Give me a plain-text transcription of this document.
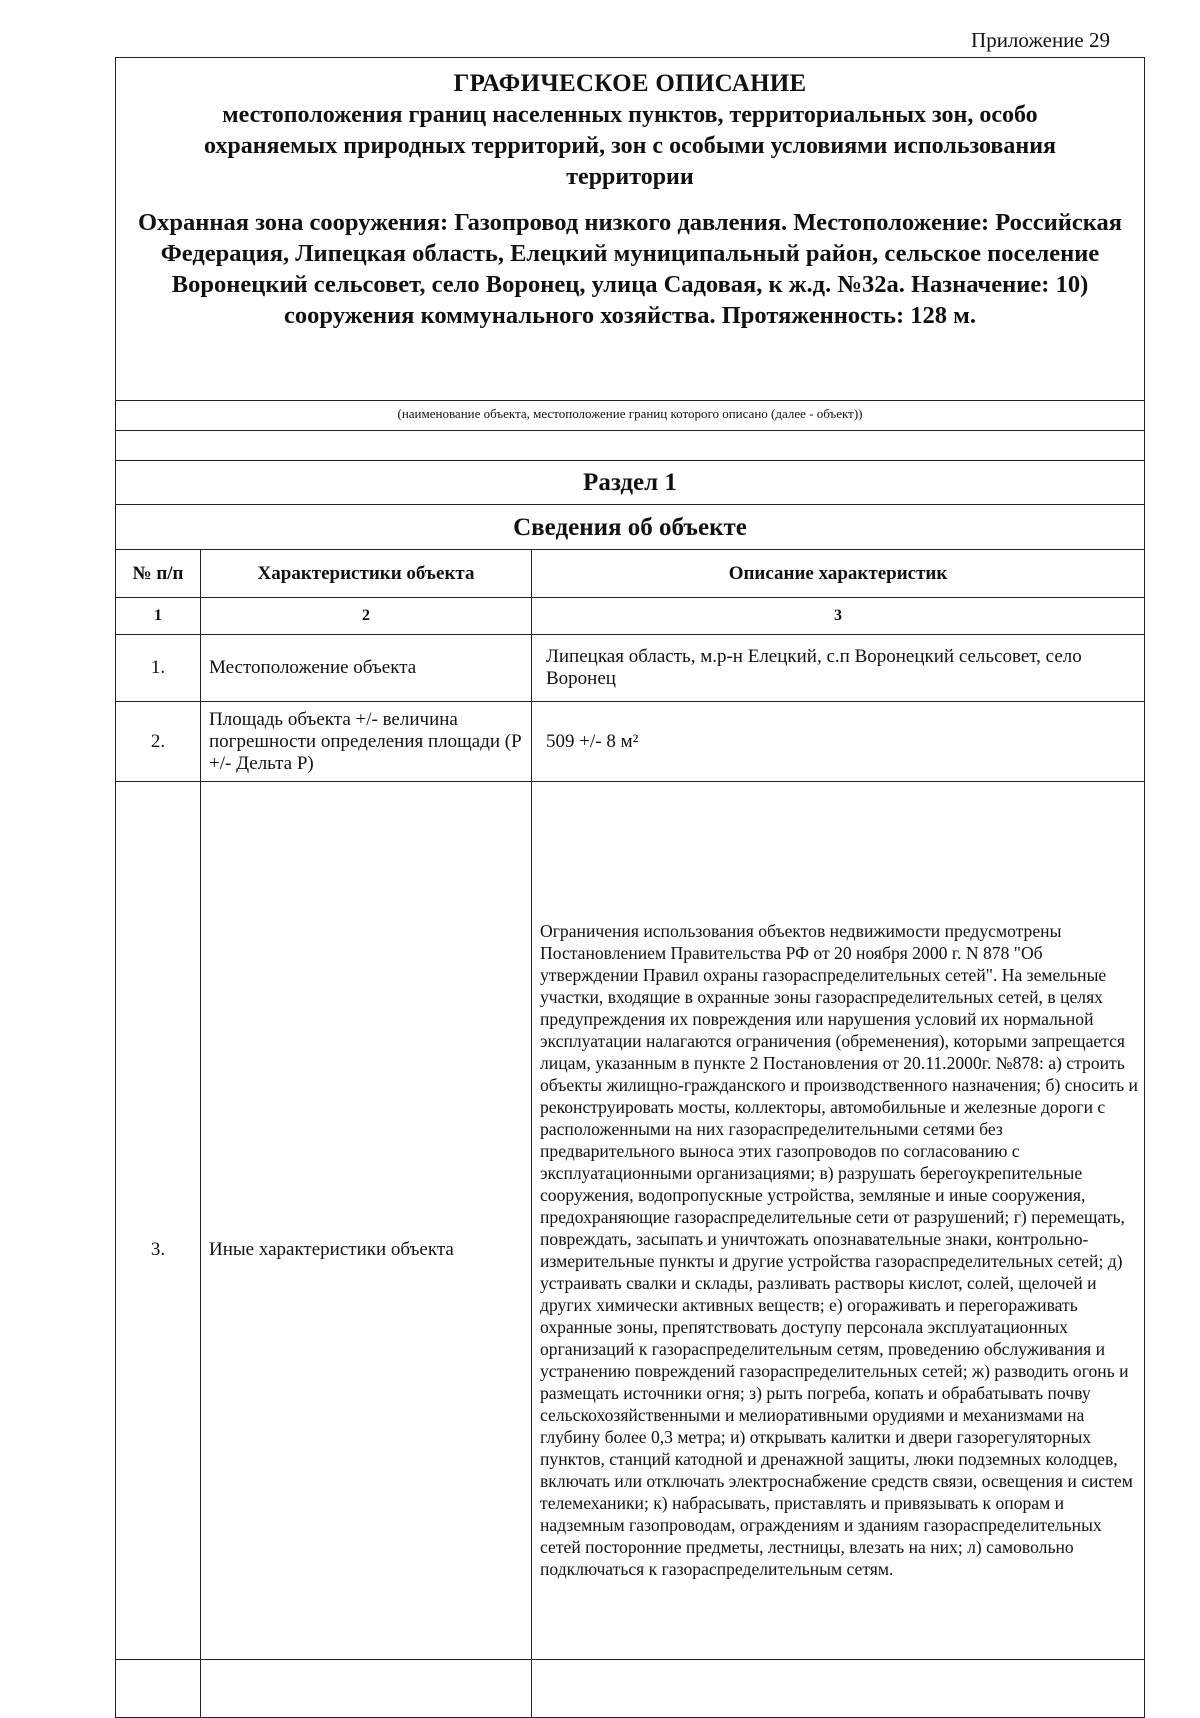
Приложение 29
ГРАФИЧЕСКОЕ ОПИСАНИЕ
местоположения границ населенных пунктов, территориальных зон, особо охраняемых природных территорий, зон с особыми условиями использования территории
Охранная зона сооружения: Газопровод низкого давления. Местоположение: Российская Федерация, Липецкая область, Елецкий муниципальный район, сельское поселение Воронецкий сельсовет, село Воронец, улица Садовая, к ж.д. №32а. Назначение: 10) сооружения коммунального хозяйства. Протяженность: 128 м.
(наименование объекта, местоположение границ которого описано (далее - объект))
Раздел 1
Сведения об объекте
№ п/п	Характеристики объекта	Описание характеристик
1	2	3
1.	Местоположение объекта	Липецкая область, м.р-н Елецкий, с.п Воронецкий сельсовет, село Воронец

2.	Площадь объекта +/- величина погрешности определения площади (Р +/- Дельта Р)	509 +/- 8 м²

3.	Иные характеристики объекта	Ограничения использования объектов недвижимости предусмотрены Постановлением Правительства РФ от 20 ноября 2000 г. N 878 "Об утверждении Правил охраны газораспределительных сетей". На земельные участки, входящие в охранные зоны газораспределительных сетей, в целях предупреждения их повреждения или нарушения условий их нормальной эксплуатации налагаются ограничения (обременения), которыми запрещается лицам, указанным в пункте 2 Постановления от 20.11.2000г. №878: а) строить объекты жилищно-гражданского и производственного назначения; б) сносить и реконструировать мосты, коллекторы, автомобильные и железные дороги с расположенными на них газораспределительными сетями без предварительного выноса этих газопроводов по согласованию с эксплуатационными организациями; в) разрушать берегоукрепительные сооружения, водопропускные устройства, земляные и иные сооружения, предохраняющие газораспределительные сети от разрушений; г) перемещать, повреждать, засыпать и уничтожать опознавательные знаки, контрольно-измерительные пункты и другие устройства газораспределительных сетей; д) устраивать свалки и склады, разливать растворы кислот, солей, щелочей и других химически активных веществ; е) огораживать и перегораживать охранные зоны, препятствовать доступу персонала эксплуатационных организаций к газораспределительным сетям, проведению обслуживания и устранению повреждений газораспределительных сетей; ж) разводить огонь и размещать источники огня; з) рыть погреба, копать и обрабатывать почву сельскохозяйственными и мелиоративными орудиями и механизмами на глубину более 0,3 метра; и) открывать калитки и двери газорегуляторных пунктов, станций катодной и дренажной защиты, люки подземных колодцев, включать или отключать электроснабжение средств связи, освещения и систем телемеханики; к) набрасывать, приставлять и привязывать к опорам и надземным газопроводам, ограждениям и зданиям газораспределительных сетей посторонние предметы, лестницы, влезать на них; л) самовольно подключаться к газораспределительным сетям.
